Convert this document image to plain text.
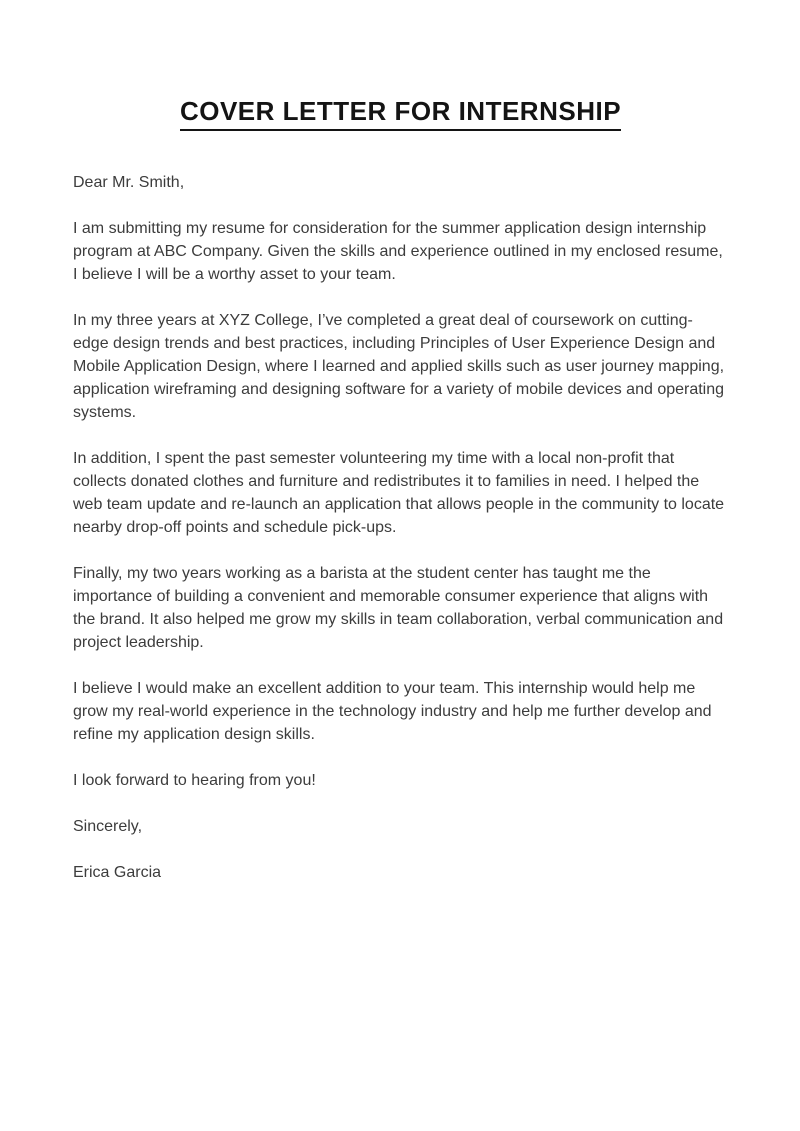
COVER LETTER FOR INTERNSHIP

Dear Mr. Smith,

I am submitting my resume for consideration for the summer application design internship program at ABC Company. Given the skills and experience outlined in my enclosed resume, I believe I will be a worthy asset to your team.

In my three years at XYZ College, I’ve completed a great deal of coursework on cutting-edge design trends and best practices, including Principles of User Experience Design and Mobile Application Design, where I learned and applied skills such as user journey mapping, application wireframing and designing software for a variety of mobile devices and operating systems.

In addition, I spent the past semester volunteering my time with a local non-profit that collects donated clothes and furniture and redistributes it to families in need. I helped the web team update and re-launch an application that allows people in the community to locate nearby drop-off points and schedule pick-ups.

Finally, my two years working as a barista at the student center has taught me the importance of building a convenient and memorable consumer experience that aligns with the brand. It also helped me grow my skills in team collaboration, verbal communication and project leadership.

I believe I would make an excellent addition to your team. This internship would help me grow my real-world experience in the technology industry and help me further develop and refine my application design skills.

I look forward to hearing from you!

Sincerely,

Erica Garcia
